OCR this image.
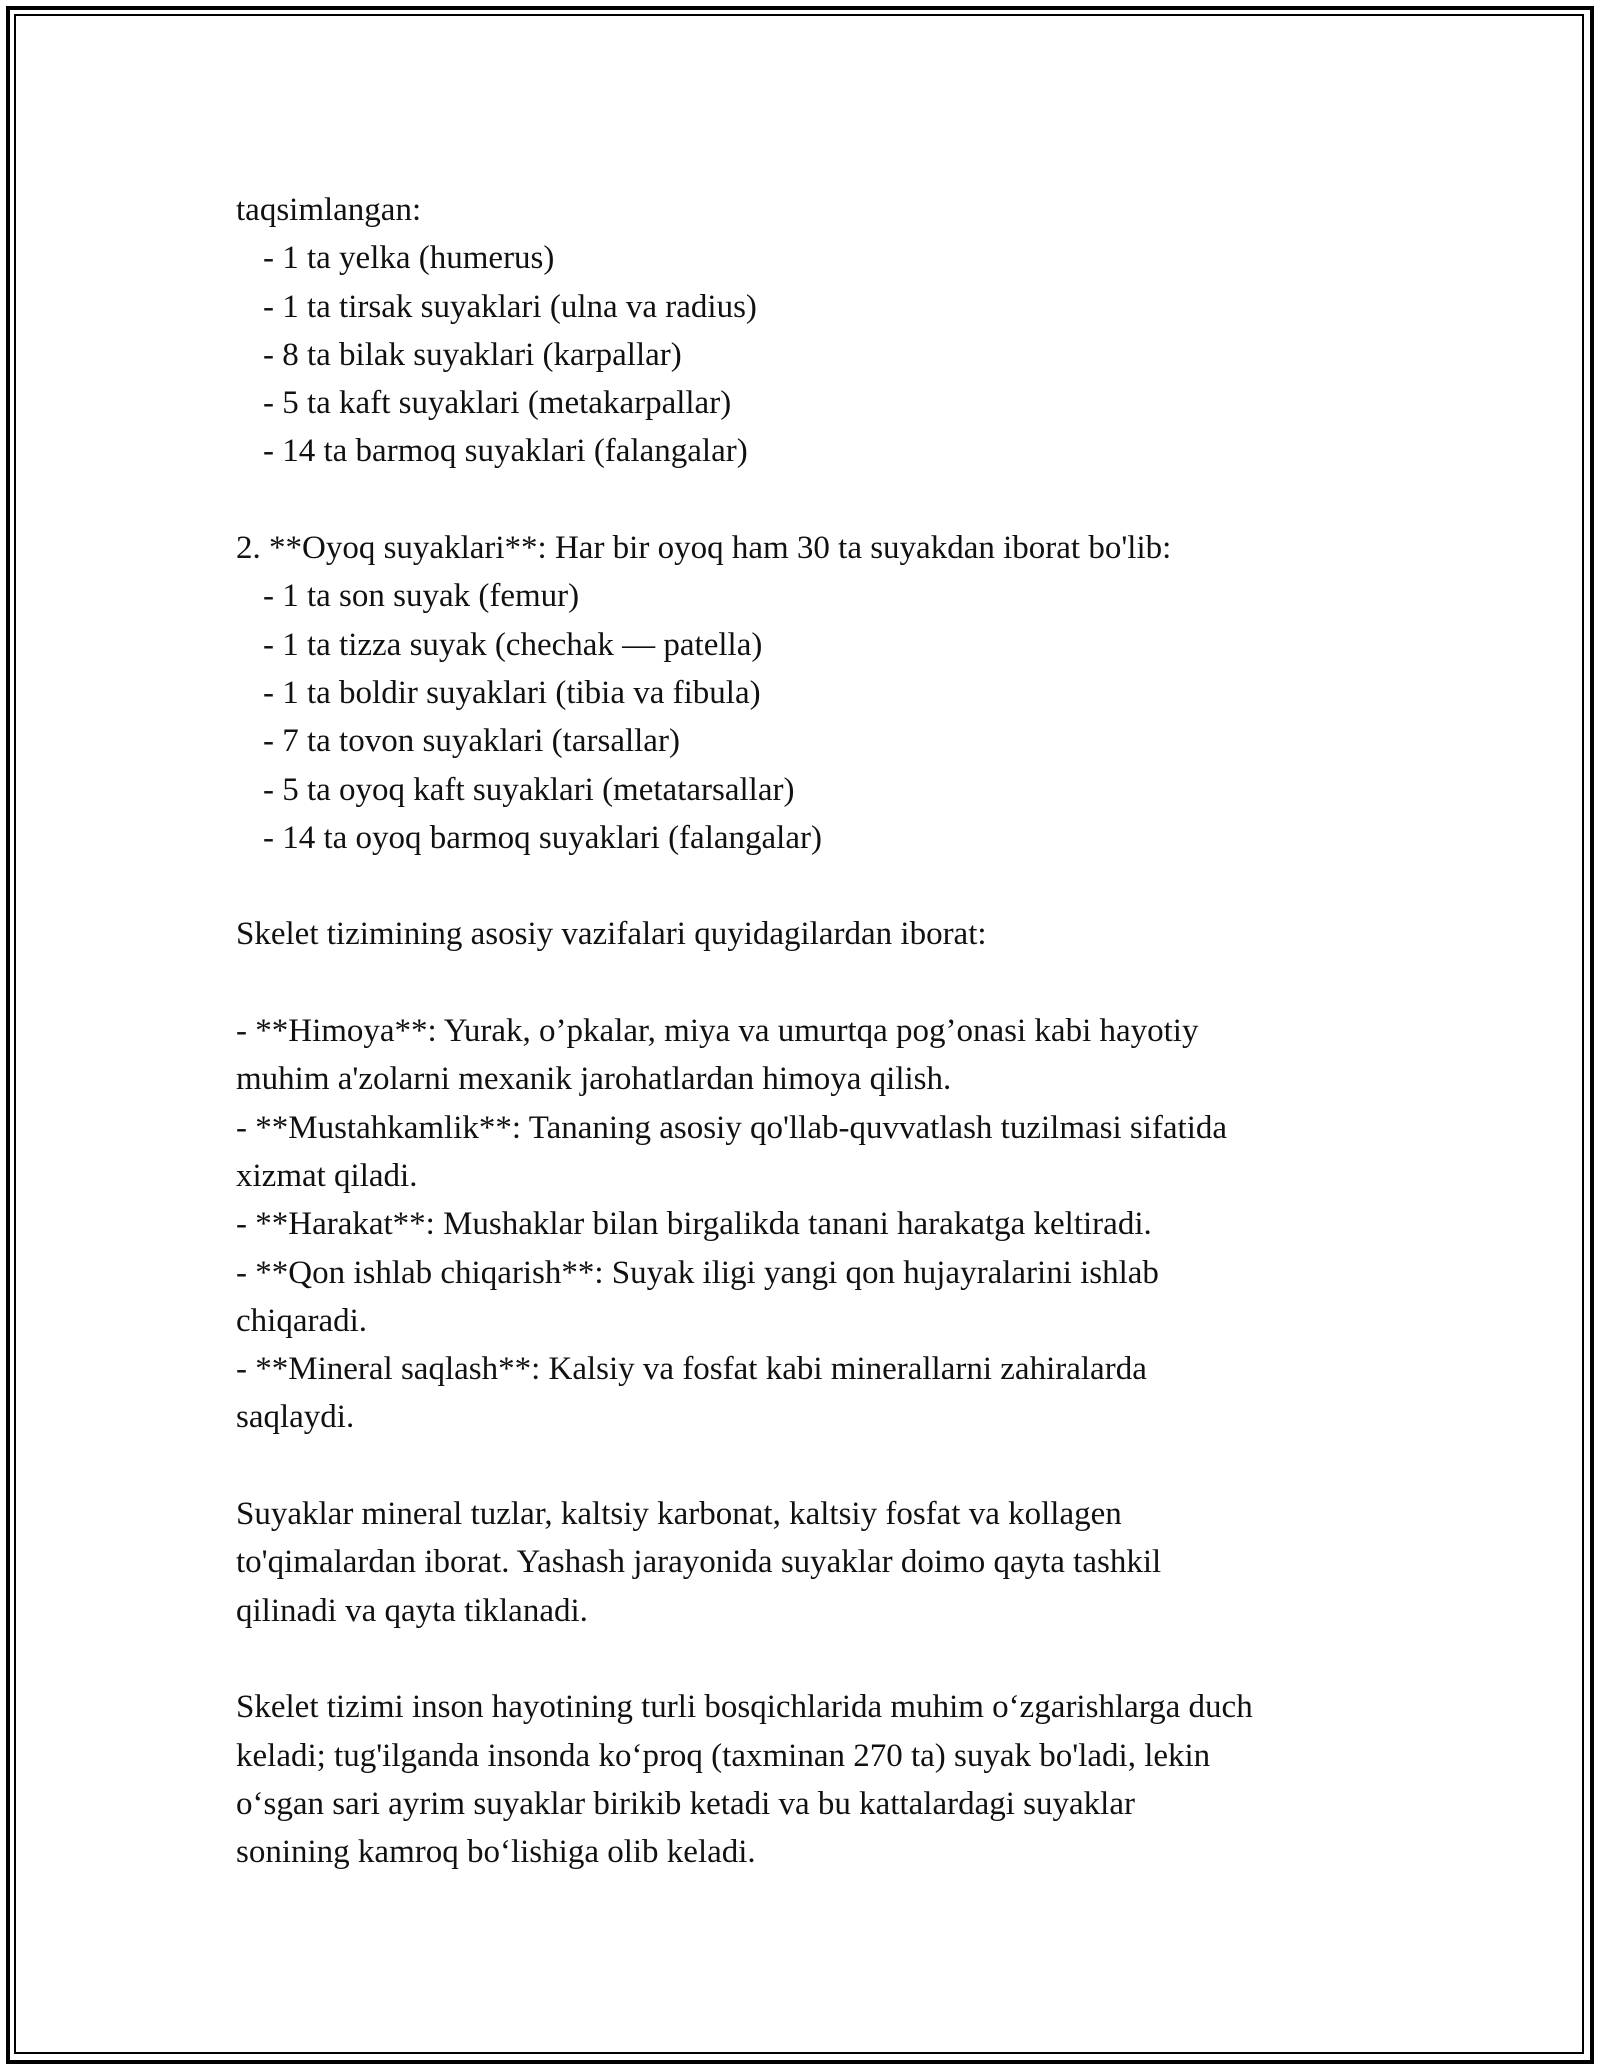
taqsimlangan:
- 1 ta yelka (humerus)
- 1 ta tirsak suyaklari (ulna va radius)
- 8 ta bilak suyaklari (karpallar)
- 5 ta kaft suyaklari (metakarpallar)
- 14 ta barmoq suyaklari (falangalar)
2. **Oyoq suyaklari**: Har bir oyoq ham 30 ta suyakdan iborat bo'lib:
- 1 ta son suyak (femur)
- 1 ta tizza suyak (chechak — patella)
- 1 ta boldir suyaklari (tibia va fibula)
- 7 ta tovon suyaklari (tarsallar)
- 5 ta oyoq kaft suyaklari (metatarsallar)
- 14 ta oyoq barmoq suyaklari (falangalar)
Skelet tizimining asosiy vazifalari quyidagilardan iborat:
- **Himoya**: Yurak, o’pkalar, miya va umurtqa pog’onasi kabi hayotiy
muhim a'zolarni mexanik jarohatlardan himoya qilish.
- **Mustahkamlik**: Tananing asosiy qo'llab-quvvatlash tuzilmasi sifatida
xizmat qiladi.
- **Harakat**: Mushaklar bilan birgalikda tanani harakatga keltiradi.
- **Qon ishlab chiqarish**: Suyak iligi yangi qon hujayralarini ishlab
chiqaradi.
- **Mineral saqlash**: Kalsiy va fosfat kabi minerallarni zahiralarda
saqlaydi.
Suyaklar mineral tuzlar, kaltsiy karbonat, kaltsiy fosfat va kollagen
to'qimalardan iborat. Yashash jarayonida suyaklar doimo qayta tashkil
qilinadi va qayta tiklanadi.
Skelet tizimi inson hayotining turli bosqichlarida muhim o‘zgarishlarga duch
keladi; tug'ilganda insonda ko‘proq (taxminan 270 ta) suyak bo'ladi, lekin
o‘sgan sari ayrim suyaklar birikib ketadi va bu kattalardagi suyaklar
sonining kamroq bo‘lishiga olib keladi.
